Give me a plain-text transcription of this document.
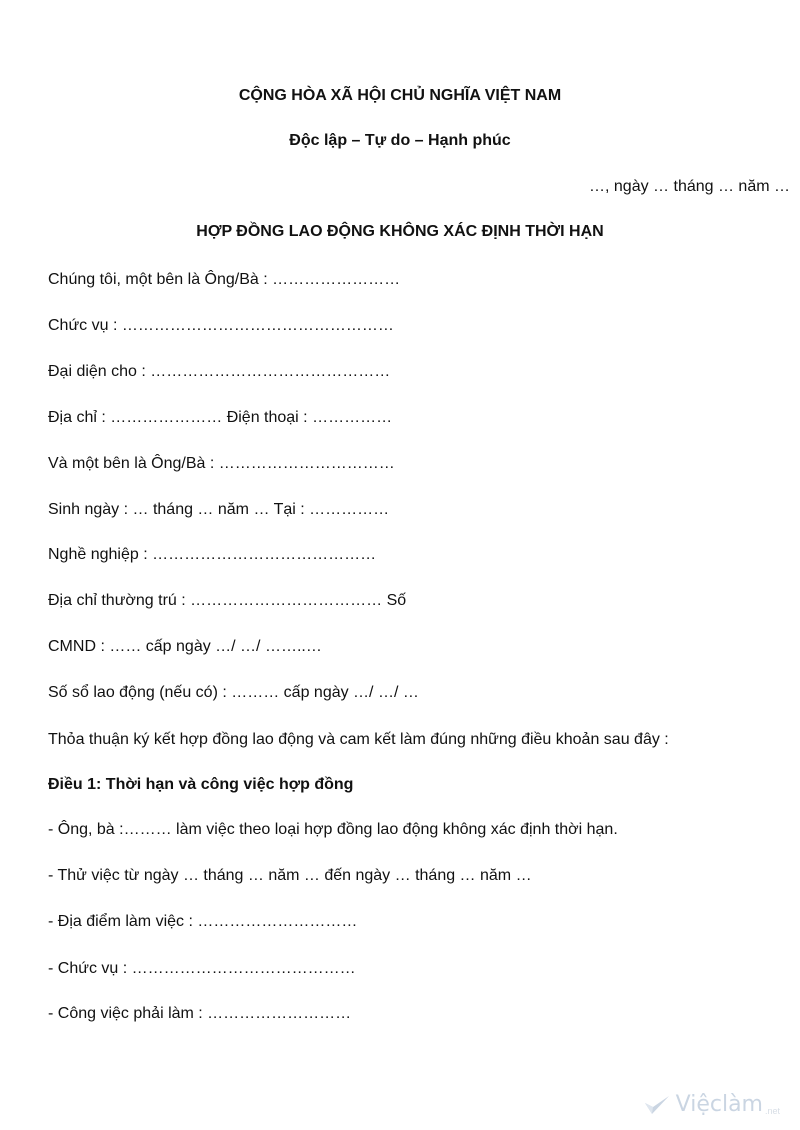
CỘNG HÒA XÃ HỘI CHỦ NGHĨA VIỆT NAM
Độc lập – Tự do – Hạnh phúc
…, ngày … tháng … năm …
HỢP ĐỒNG LAO ĐỘNG KHÔNG XÁC ĐỊNH THỜI HẠN
Chúng tôi, một bên là Ông/Bà : ……………………
Chức vụ : ……………………………………………
Đại diện cho : ………………………………………
Địa chỉ : ………………… Điện thoại : ……………
Và một bên là Ông/Bà : ……………………………
Sinh ngày : … tháng … năm … Tại : ……………
Nghề nghiệp : ……………………………………
Địa chỉ thường trú : ……………………………… Số
CMND : …… cấp ngày …/ …/ ……..…
Số sổ lao động (nếu có) : ……… cấp ngày …/ …/ …
Thỏa thuận ký kết hợp đồng lao động và cam kết làm đúng những điều khoản sau đây :
Điều 1: Thời hạn và công việc hợp đồng
- Ông, bà :……… làm việc theo loại hợp đồng lao động không xác định thời hạn.
- Thử việc từ ngày … tháng … năm … đến ngày … tháng … năm …
- Địa điểm làm việc : …………………………
- Chức vụ : ……………………………………
- Công việc phải làm : ………………………
Việclàm .net
